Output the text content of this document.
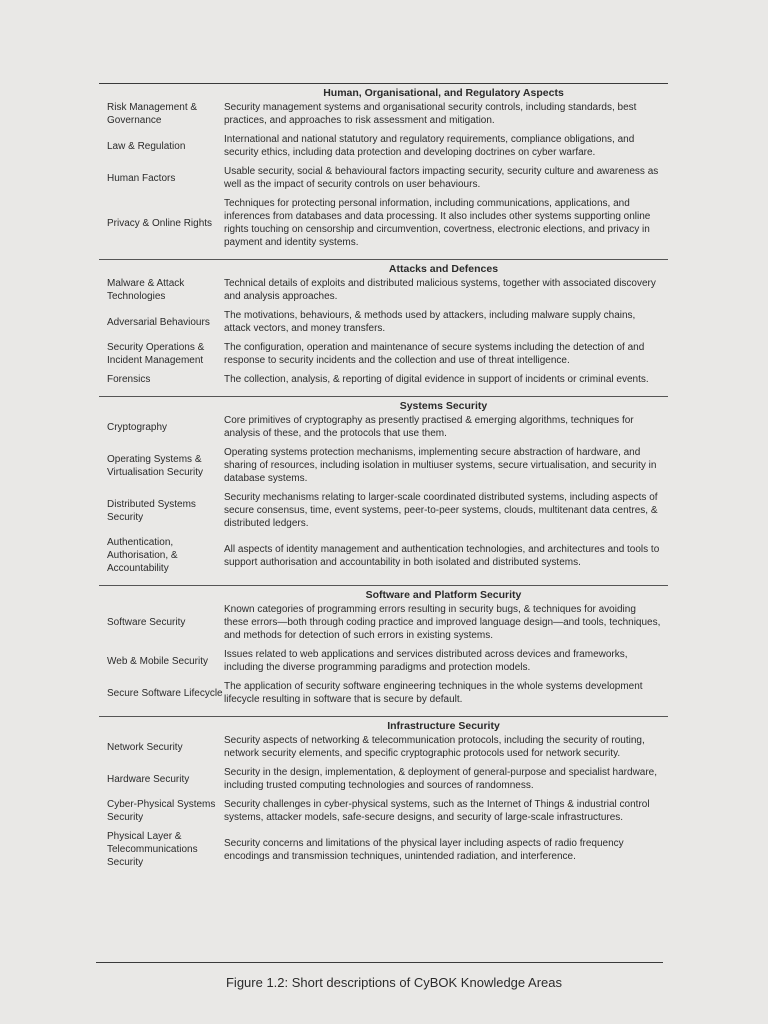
Human, Organisational, and Regulatory Aspects
Risk Management & Governance
Security management systems and organisational security controls, including standards, best practices, and approaches to risk assessment and mitigation.
Law & Regulation
International and national statutory and regulatory requirements, compliance obligations, and security ethics, including data protection and developing doctrines on cyber warfare.
Human Factors
Usable security, social & behavioural factors impacting security, security culture and awareness as well as the impact of security controls on user behaviours.
Privacy & Online Rights
Techniques for protecting personal information, including communications, applications, and inferences from databases and data processing. It also includes other systems supporting online rights touching on censorship and circumvention, covertness, electronic elections, and privacy in payment and identity systems.
Attacks and Defences
Malware & Attack Technologies
Technical details of exploits and distributed malicious systems, together with associated discovery and analysis approaches.
Adversarial Behaviours
The motivations, behaviours, & methods used by attackers, including malware supply chains, attack vectors, and money transfers.
Security Operations & Incident Management
The configuration, operation and maintenance of secure systems including the detection of and response to security incidents and the collection and use of threat intelligence.
Forensics	The collection, analysis, & reporting of digital evidence in support of incidents or criminal events.
Systems Security
Cryptography
Core primitives of cryptography as presently practised & emerging algorithms, techniques for analysis of these, and the protocols that use them.
Operating Systems & Virtualisation Security
Operating systems protection mechanisms, implementing secure abstraction of hardware, and sharing of resources, including isolation in multiuser systems, secure virtualisation, and security in database systems.
Distributed Systems Security
Security mechanisms relating to larger-scale coordinated distributed systems, including aspects of secure consensus, time, event systems, peer-to-peer systems, clouds, multitenant data centres, & distributed ledgers.
Authentication, Authorisation, & Accountability
All aspects of identity management and authentication technologies, and architectures and tools to support authorisation and accountability in both isolated and distributed systems.
Software and Platform Security
Software Security
Known categories of programming errors resulting in security bugs, & techniques for avoiding these errors—both through coding practice and improved language design—and tools, techniques, and methods for detection of such errors in existing systems.
Web & Mobile Security
Issues related to web applications and services distributed across devices and frameworks, including the diverse programming paradigms and protection models.
Secure Software Lifecycle
The application of security software engineering techniques in the whole systems development lifecycle resulting in software that is secure by default.
Infrastructure Security
Network Security
Security aspects of networking & telecommunication protocols, including the security of routing, network security elements, and specific cryptographic protocols used for network security.
Hardware Security
Security in the design, implementation, & deployment of general-purpose and specialist hardware, including trusted computing technologies and sources of randomness.
Cyber-Physical Systems Security
Security challenges in cyber-physical systems, such as the Internet of Things & industrial control systems, attacker models, safe-secure designs, and security of large-scale infrastructures.
Physical Layer & Telecommunications Security
Security concerns and limitations of the physical layer including aspects of radio frequency encodings and transmission techniques, unintended radiation, and interference.
Figure 1.2: Short descriptions of CyBOK Knowledge Areas
